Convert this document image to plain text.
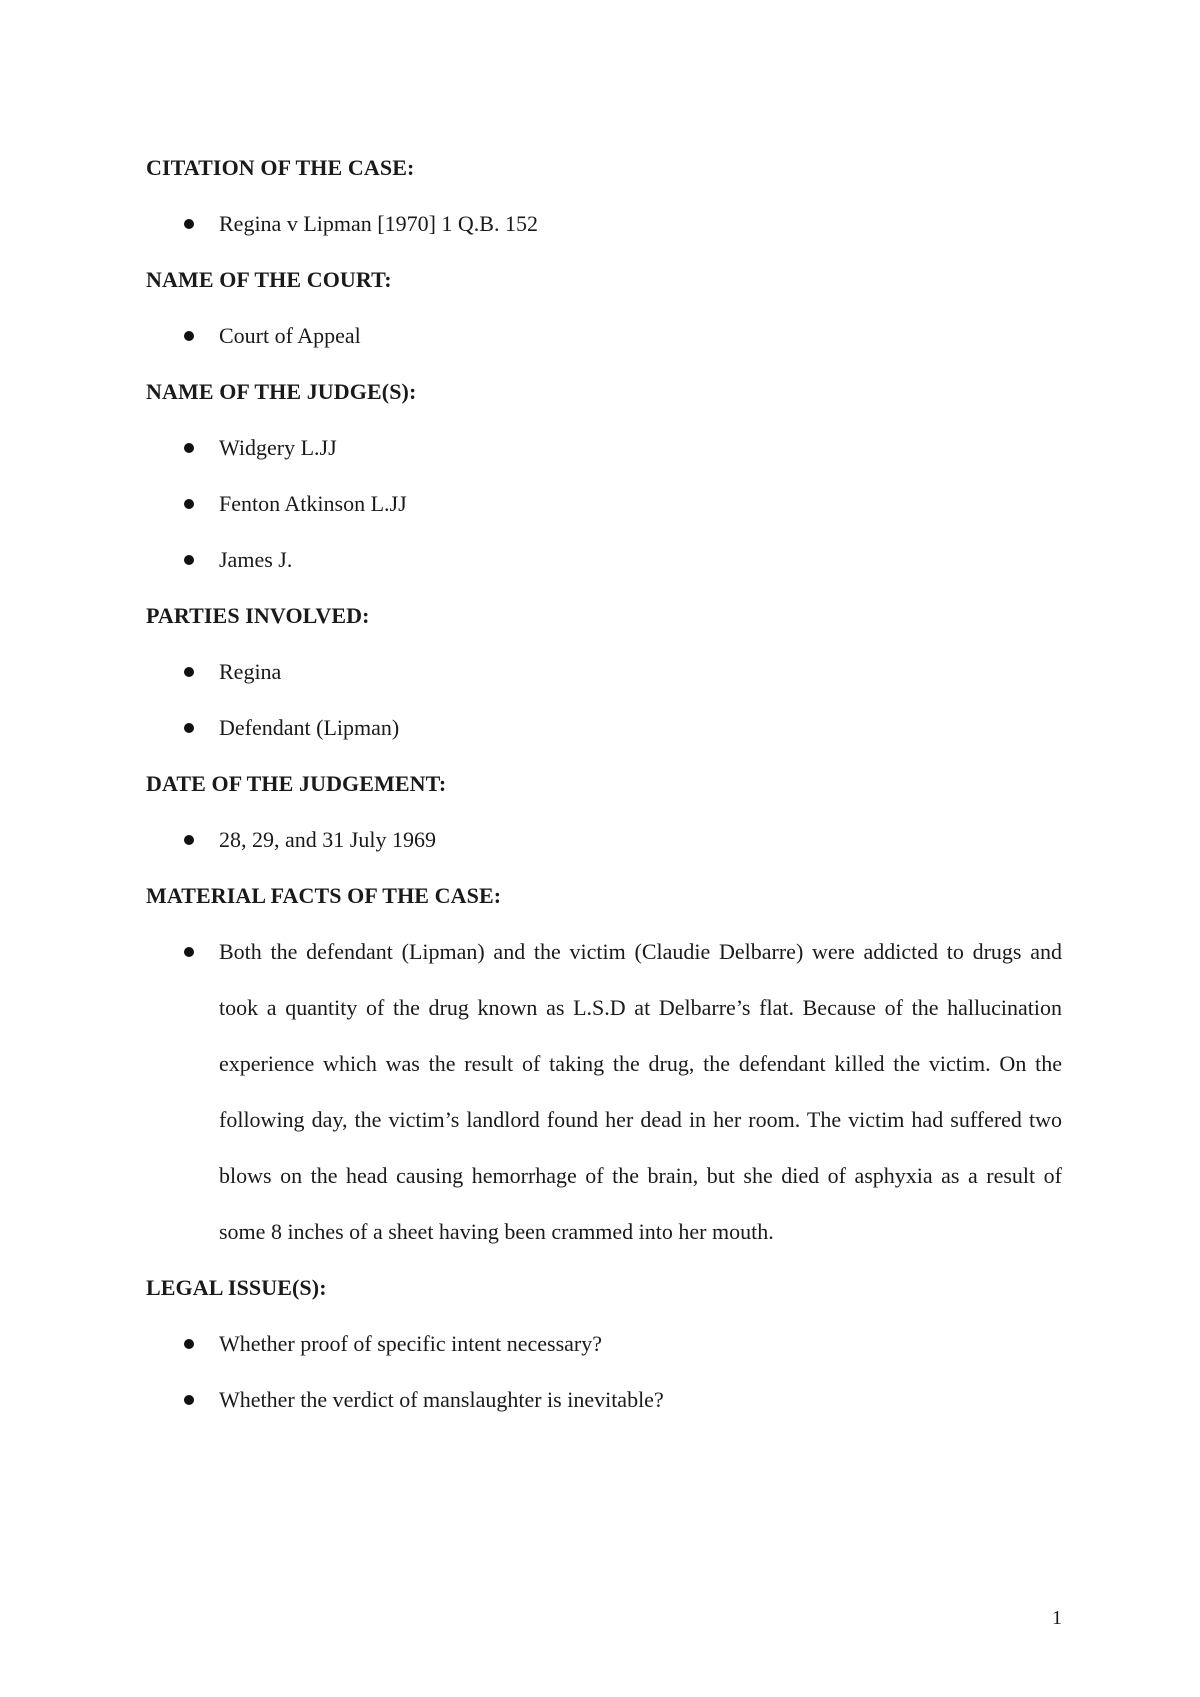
CITATION OF THE CASE:
Regina v Lipman [1970] 1 Q.B. 152
NAME OF THE COURT:
Court of Appeal
NAME OF THE JUDGE(S):
Widgery L.JJ
Fenton Atkinson L.JJ
James J.
PARTIES INVOLVED:
Regina
Defendant (Lipman)
DATE OF THE JUDGEMENT:
28, 29, and 31 July 1969
MATERIAL FACTS OF THE CASE:
Both the defendant (Lipman) and the victim (Claudie Delbarre) were addicted to drugs and took a quantity of the drug known as L.S.D at Delbarre’s flat. Because of the hallucination experience which was the result of taking the drug, the defendant killed the victim. On the following day, the victim’s landlord found her dead in her room. The victim had suffered two blows on the head causing hemorrhage of the brain, but she died of asphyxia as a result of some 8 inches of a sheet having been crammed into her mouth.
LEGAL ISSUE(S):
Whether proof of specific intent necessary?
Whether the verdict of manslaughter is inevitable?
1
